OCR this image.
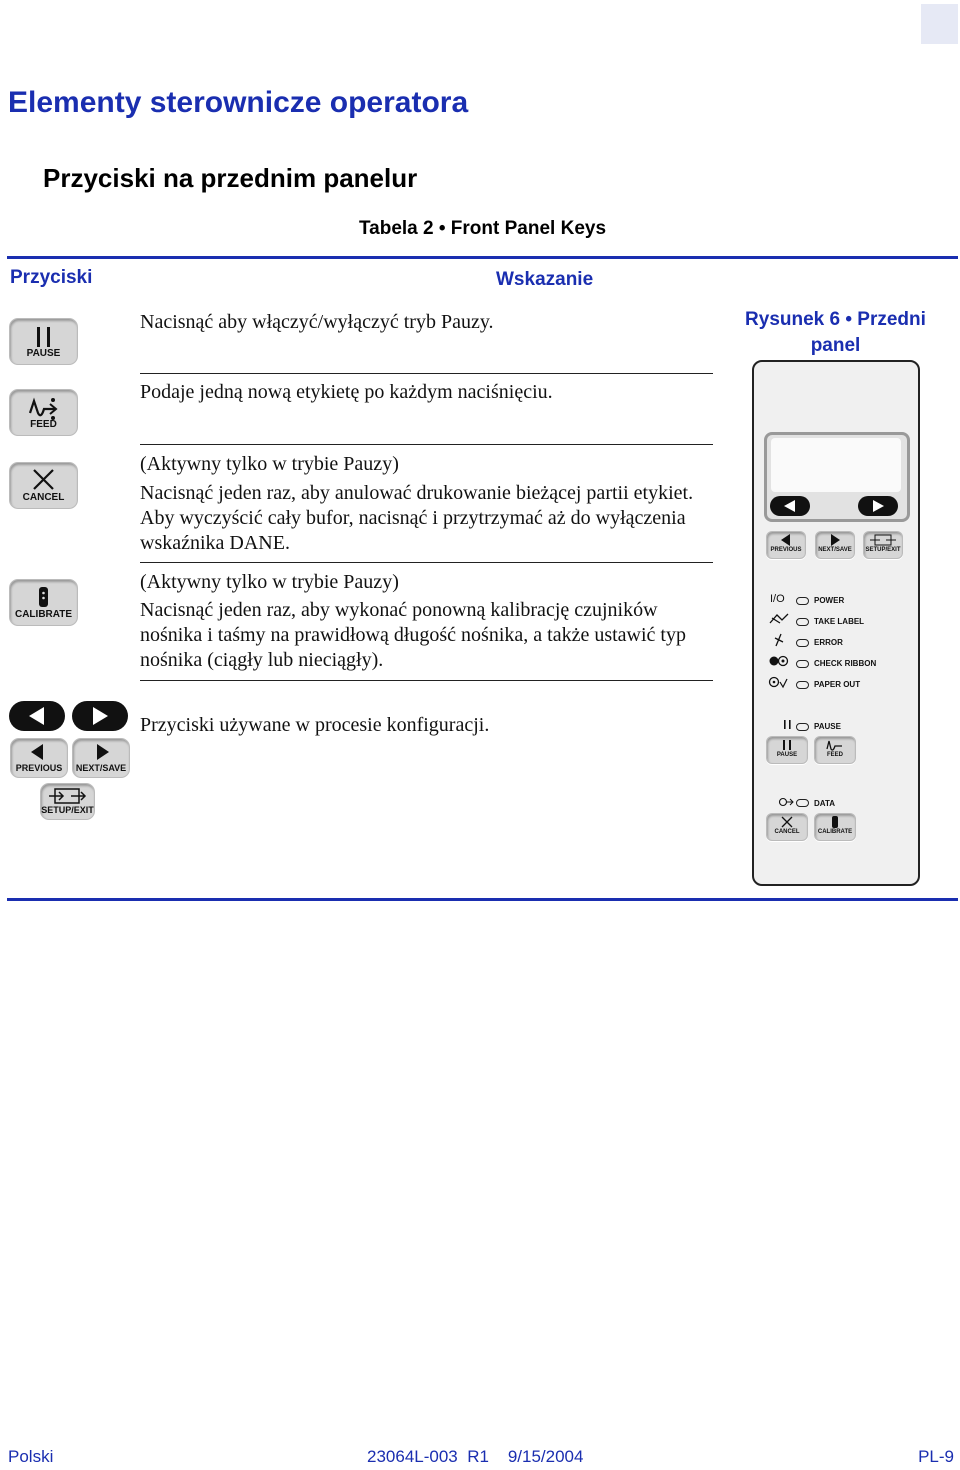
Elementy sterownicze operatora
Przyciski na przednim panelur
Tabela 2 • Front Panel Keys
Przyciski	Wskazanie
PAUSE
Nacisnąć aby włączyć/wyłączyć tryb Pauzy.
FEED
Podaje jedną nową etykietę po każdym naciśnięciu.
CANCEL
(Aktywny tylko w trybie Pauzy)
Nacisnąć jeden raz, aby anulować drukowanie bieżącej partii etykiet. Aby wyczyścić cały bufor, nacisnąć i przytrzymać aż do wyłączenia wskaźnika DANE.
CALIBRATE
(Aktywny tylko w trybie Pauzy)
Nacisnąć jeden raz, aby wykonać ponowną kalibrację czujników nośnika i taśmy na prawidłową długość nośnika, a także ustawić typ nośnika (ciągły lub nieciągły).
PREVIOUS	NEXT/SAVE
SETUP/EXIT
Przyciski używane w procesie konfiguracji.
Rysunek 6 • Przedni panel
PREVIOUS	NEXT/SAVE	SETUP/EXIT
I/O	POWER
TAKE LABEL
ERROR
CHECK RIBBON
PAPER OUT
PAUSE
PAUSE	FEED
DATA
CANCEL	CALIBRATE
Polski	23064L-003  R1    9/15/2004	PL-9
